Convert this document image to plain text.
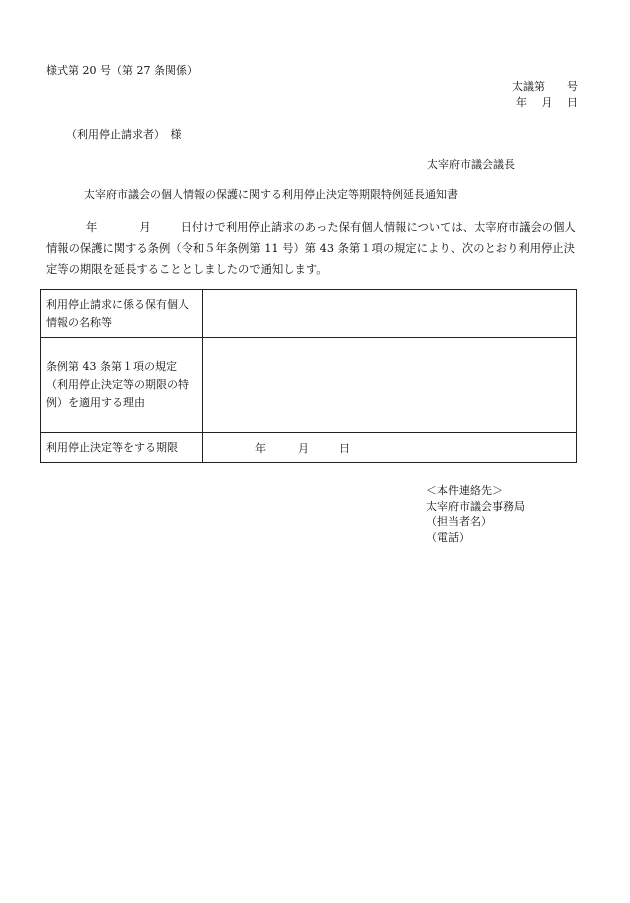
様式第 20 号（第 27 条関係）
太議第　　号
年　 月　 日
（利用停止請求者）　様
太宰府市議会議長
太宰府市議会の個人情報の保護に関する利用停止決定等期限特例延長通知書
年	月	日付けで利用停止請求のあった保有個人情報については、太宰府市議会の個人情報の保護に関する条例（令和５年条例第 11 号）第 43 条第１項の規定により、次のとおり利用停止決定等の期限を延長することとしましたので通知します。
利用停止請求に係る保有個人情報の名称等	
条例第 43 条第１項の規定（利用停止決定等の期限の特例）を適用する理由	
利用停止決定等をする期限	年 月 日
＜本件連絡先＞
太宰府市議会事務局
（担当者名）
（電話）
